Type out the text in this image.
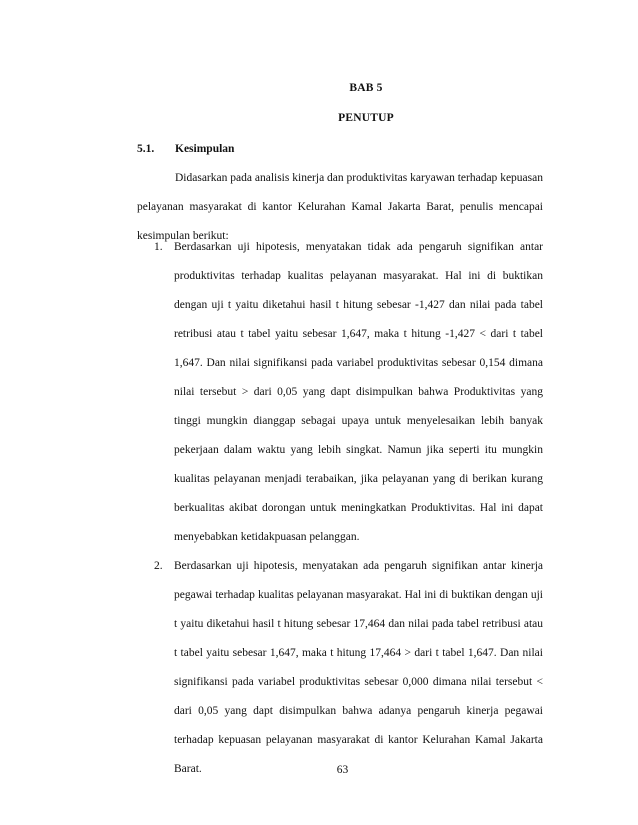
BAB 5
PENUTUP
5.1. Kesimpulan

Didasarkan pada analisis kinerja dan produktivitas karyawan terhadap kepuasan pelayanan masyarakat di kantor Kelurahan Kamal Jakarta Barat, penulis mencapai kesimpulan berikut:

1. Berdasarkan uji hipotesis, menyatakan tidak ada pengaruh signifikan antar produktivitas terhadap kualitas pelayanan masyarakat. Hal ini di buktikan dengan uji t yaitu diketahui hasil t hitung sebesar -1,427 dan nilai pada tabel retribusi atau t tabel yaitu sebesar 1,647, maka t hitung -1,427 < dari t tabel 1,647. Dan nilai signifikansi pada variabel produktivitas sebesar 0,154 dimana nilai tersebut > dari 0,05 yang dapt disimpulkan bahwa Produktivitas yang tinggi mungkin dianggap sebagai upaya untuk menyelesaikan lebih banyak pekerjaan dalam waktu yang lebih singkat. Namun jika seperti itu mungkin kualitas pelayanan menjadi terabaikan, jika pelayanan yang di berikan kurang berkualitas akibat dorongan untuk meningkatkan Produktivitas. Hal ini dapat menyebabkan ketidakpuasan pelanggan.
2. Berdasarkan uji hipotesis, menyatakan ada pengaruh signifikan antar kinerja pegawai terhadap kualitas pelayanan masyarakat. Hal ini di buktikan dengan uji t yaitu diketahui hasil t hitung sebesar 17,464 dan nilai pada tabel retribusi atau t tabel yaitu sebesar 1,647, maka t hitung 17,464 > dari t tabel 1,647. Dan nilai signifikansi pada variabel produktivitas sebesar 0,000 dimana nilai tersebut < dari 0,05 yang dapt disimpulkan bahwa adanya pengaruh kinerja pegawai terhadap kepuasan pelayanan masyarakat di kantor Kelurahan Kamal Jakarta Barat.	63
